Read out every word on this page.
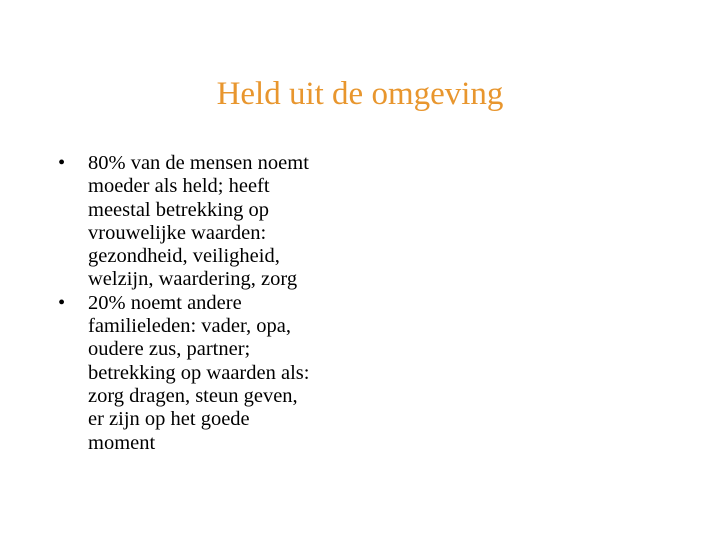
Held uit de omgeving
•	80% van de mensen noemt
moeder als held; heeft
meestal betrekking op
vrouwelijke waarden:
gezondheid, veiligheid,
welzijn, waardering, zorg
•	20% noemt andere
familieleden: vader, opa,
oudere zus, partner;
betrekking op waarden als:
zorg dragen, steun geven,
er zijn op het goede
moment
